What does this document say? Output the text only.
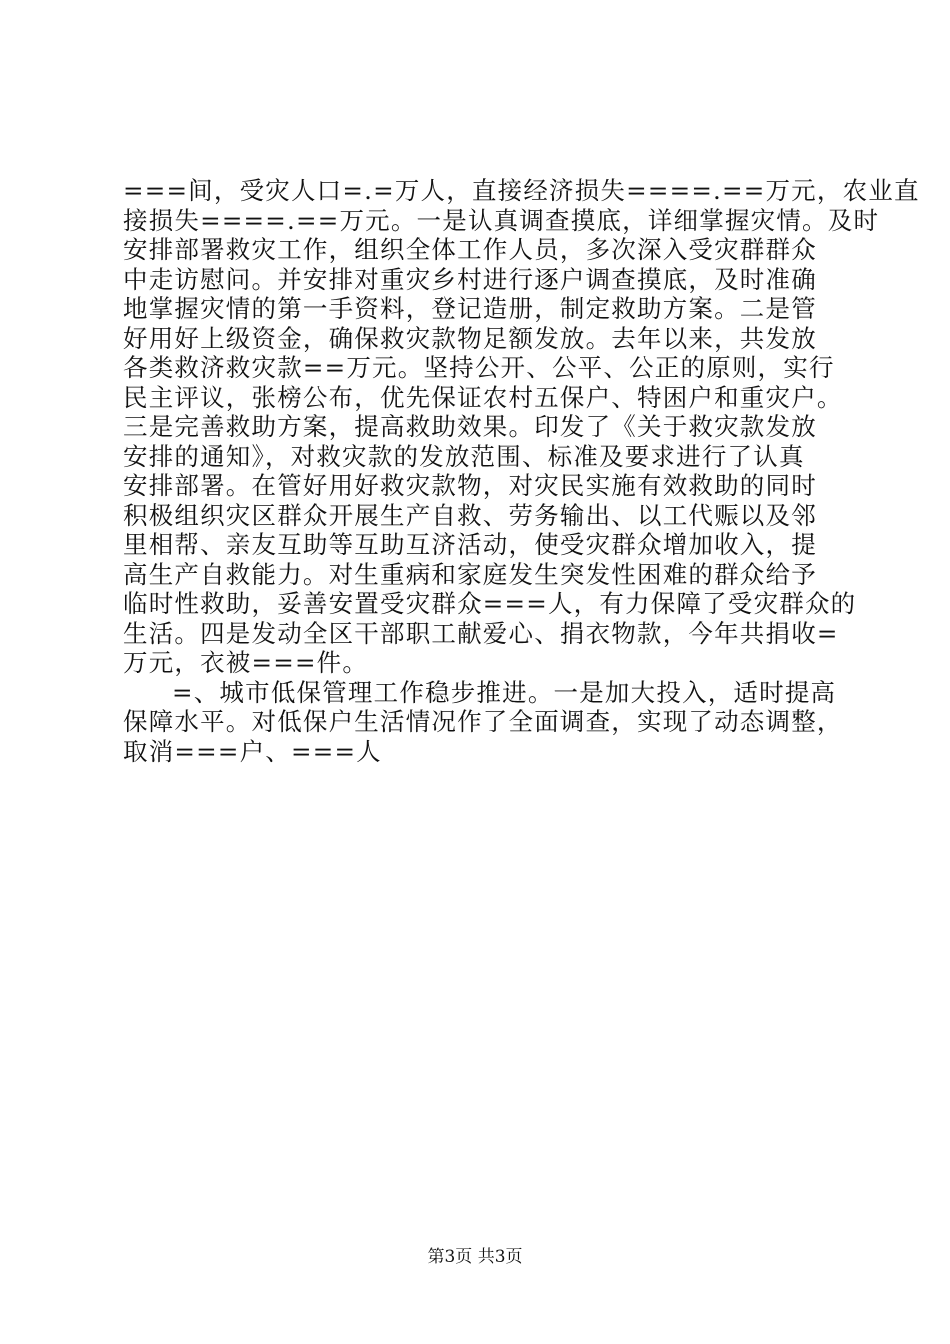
===间，受灾人口=.=万人，直接经济损失====.==万元，农业直
接损失====.==万元。一是认真调查摸底，详细掌握灾情。及时
安排部署救灾工作，组织全体工作人员，多次深入受灾群群众
中走访慰问。并安排对重灾乡村进行逐户调查摸底，及时准确
地掌握灾情的第一手资料，登记造册，制定救助方案。二是管
好用好上级资金，确保救灾款物足额发放。去年以来，共发放
各类救济救灾款==万元。坚持公开、公平、公正的原则，实行
民主评议，张榜公布，优先保证农村五保户、特困户和重灾户。
三是完善救助方案，提高救助效果。印发了《关于救灾款发放
安排的通知》，对救灾款的发放范围、标准及要求进行了认真
安排部署。在管好用好救灾款物，对灾民实施有效救助的同时
积极组织灾区群众开展生产自救、劳务输出、以工代赈以及邻
里相帮、亲友互助等互助互济活动，使受灾群众增加收入，提
高生产自救能力。对生重病和家庭发生突发性困难的群众给予
临时性救助，妥善安置受灾群众===人，有力保障了受灾群众的
生活。四是发动全区干部职工献爱心、捐衣物款，今年共捐收=
万元，衣被===件。
=、城市低保管理工作稳步推进。一是加大投入，适时提高
保障水平。对低保户生活情况作了全面调查，实现了动态调整，
取消===户、===人
第3页 共3页
